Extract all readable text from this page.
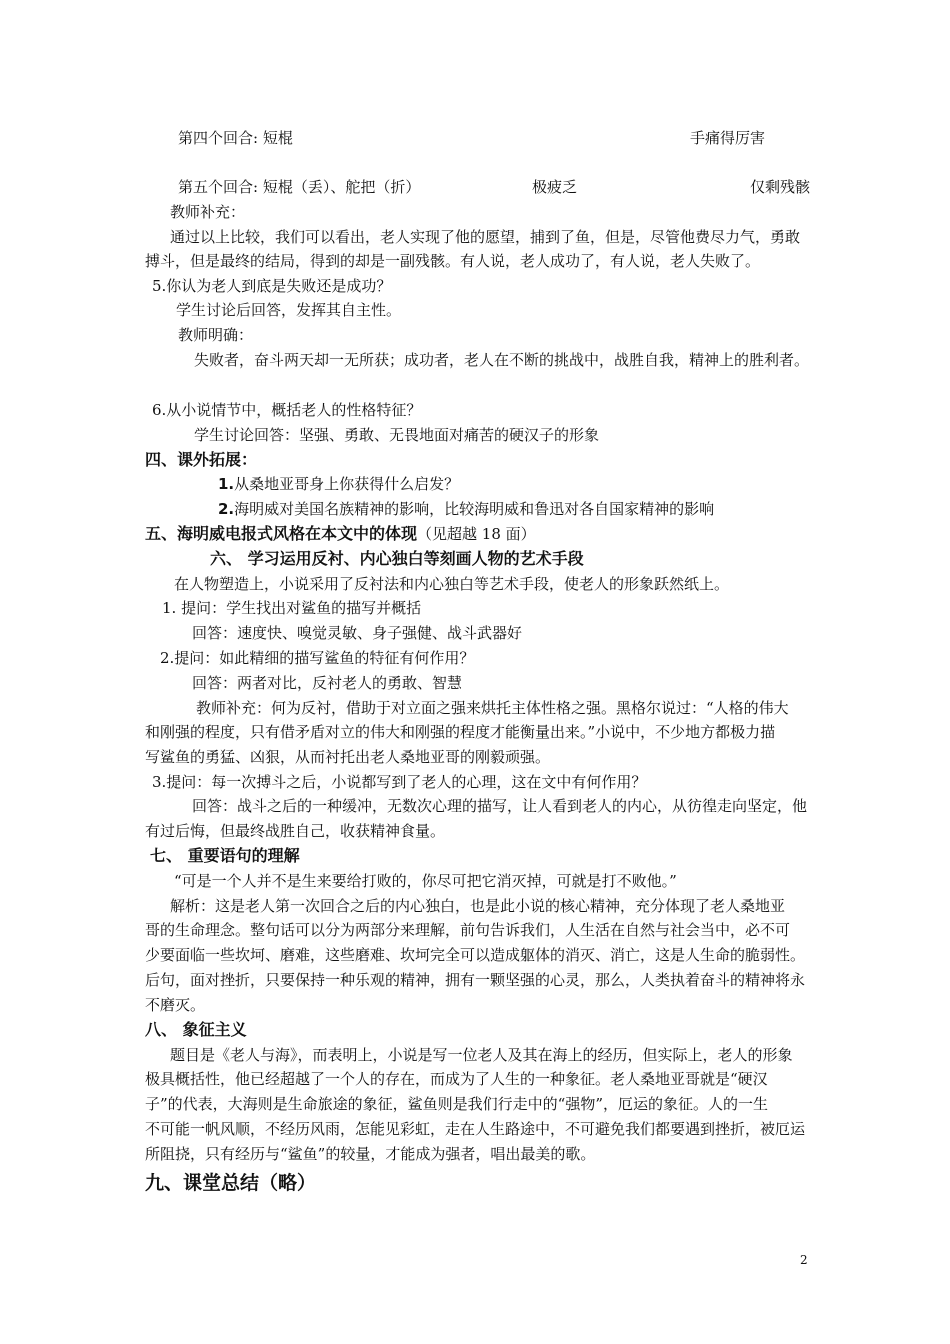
第四个回合: 短棍	手痛得厉害
第五个回合: 短棍（丢）、舵把（折）	极疲乏	仅剩残骸
教师补充：
通过以上比较，我们可以看出，老人实现了他的愿望，捕到了鱼，但是，尽管他费尽力气，勇敢
搏斗，但是最终的结局，得到的却是一副残骸。有人说，老人成功了，有人说，老人失败了。
5.你认为老人到底是失败还是成功？
学生讨论后回答，发挥其自主性。
教师明确：
失败者，奋斗两天却一无所获；成功者，老人在不断的挑战中，战胜自我，精神上的胜利者。
6.从小说情节中，概括老人的性格特征？
学生讨论回答：坚强、勇敢、无畏地面对痛苦的硬汉子的形象
四、课外拓展：
1.从桑地亚哥身上你获得什么启发？
2.海明威对美国名族精神的影响，比较海明威和鲁迅对各自国家精神的影响
五、海明威电报式风格在本文中的体现（见超越 18 面）
六、 学习运用反衬、内心独白等刻画人物的艺术手段
在人物塑造上，小说采用了反衬法和内心独白等艺术手段，使老人的形象跃然纸上。
1. 提问：学生找出对鲨鱼的描写并概括
回答：速度快、嗅觉灵敏、身子强健、战斗武器好
2.提问：如此精细的描写鲨鱼的特征有何作用？
回答：两者对比，反衬老人的勇敢、智慧
教师补充：何为反衬，借助于对立面之强来烘托主体性格之强。黑格尔说过：“人格的伟大
和刚强的程度，只有借矛盾对立的伟大和刚强的程度才能衡量出来。”小说中，不少地方都极力描
写鲨鱼的勇猛、凶狠，从而衬托出老人桑地亚哥的刚毅顽强。
3.提问：每一次搏斗之后，小说都写到了老人的心理，这在文中有何作用？
回答：战斗之后的一种缓冲，无数次心理的描写，让人看到老人的内心，从彷徨走向坚定，他
有过后悔，但最终战胜自己，收获精神食量。
七、 重要语句的理解
“可是一个人并不是生来要给打败的，你尽可把它消灭掉，可就是打不败他。”
解析：这是老人第一次回合之后的内心独白，也是此小说的核心精神，充分体现了老人桑地亚
哥的生命理念。整句话可以分为两部分来理解，前句告诉我们，人生活在自然与社会当中，必不可
少要面临一些坎坷、磨难，这些磨难、坎坷完全可以造成躯体的消灭、消亡，这是人生命的脆弱性。
后句，面对挫折，只要保持一种乐观的精神，拥有一颗坚强的心灵，那么，人类执着奋斗的精神将永
不磨灭。
八、 象征主义
题目是《老人与海》，而表明上，小说是写一位老人及其在海上的经历，但实际上，老人的形象
极具概括性，他已经超越了一个人的存在，而成为了人生的一种象征。老人桑地亚哥就是“硬汉
子”的代表，大海则是生命旅途的象征，鲨鱼则是我们行走中的“强物”，厄运的象征。人的一生
不可能一帆风顺，不经历风雨，怎能见彩虹，走在人生路途中，不可避免我们都要遇到挫折，被厄运
所阻挠，只有经历与“鲨鱼”的较量，才能成为强者，唱出最美的歌。
九、课堂总结（略）
2
